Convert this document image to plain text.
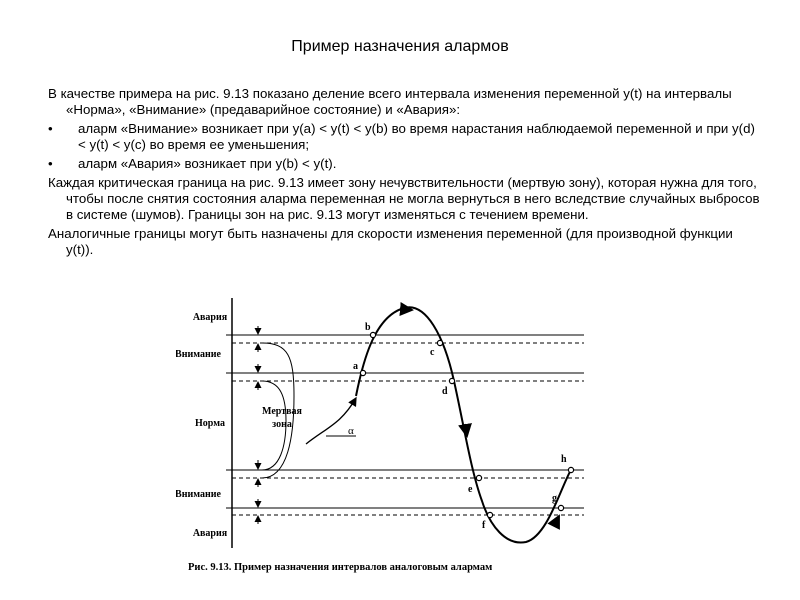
Пример назначения алармов

В качестве примера на рис. 9.13 показано деление всего интервала изменения переменной y(t) на интервалы «Норма», «Внимание» (предаварийное состояние) и «Авария»:

• аларм «Внимание» возникает при y(a) < y(t) < y(b) во время нарастания наблюдаемой переменной и при y(d) < y(t) < y(c) во время ее уменьшения;
• аларм «Авария» возникает при y(b) < y(t).

Каждая критическая граница на рис. 9.13 имеет зону нечувствительности (мертвую зону), которая нужна для того, чтобы после снятия состояния аларма переменная не могла вернуться в него вследствие случайных выбросов в системе (шумов). Границы зон на рис. 9.13 могут изменяться с течением времени.

Аналогичные границы могут быть назначены для скорости изменения переменной (для производной функции y(t)).

Авария
Внимание
Норма
Внимание
Авария
Мертвая
зона
α
a
b
c
d
e
f
g
h
Рис. 9.13. Пример назначения интервалов аналоговым алармам
